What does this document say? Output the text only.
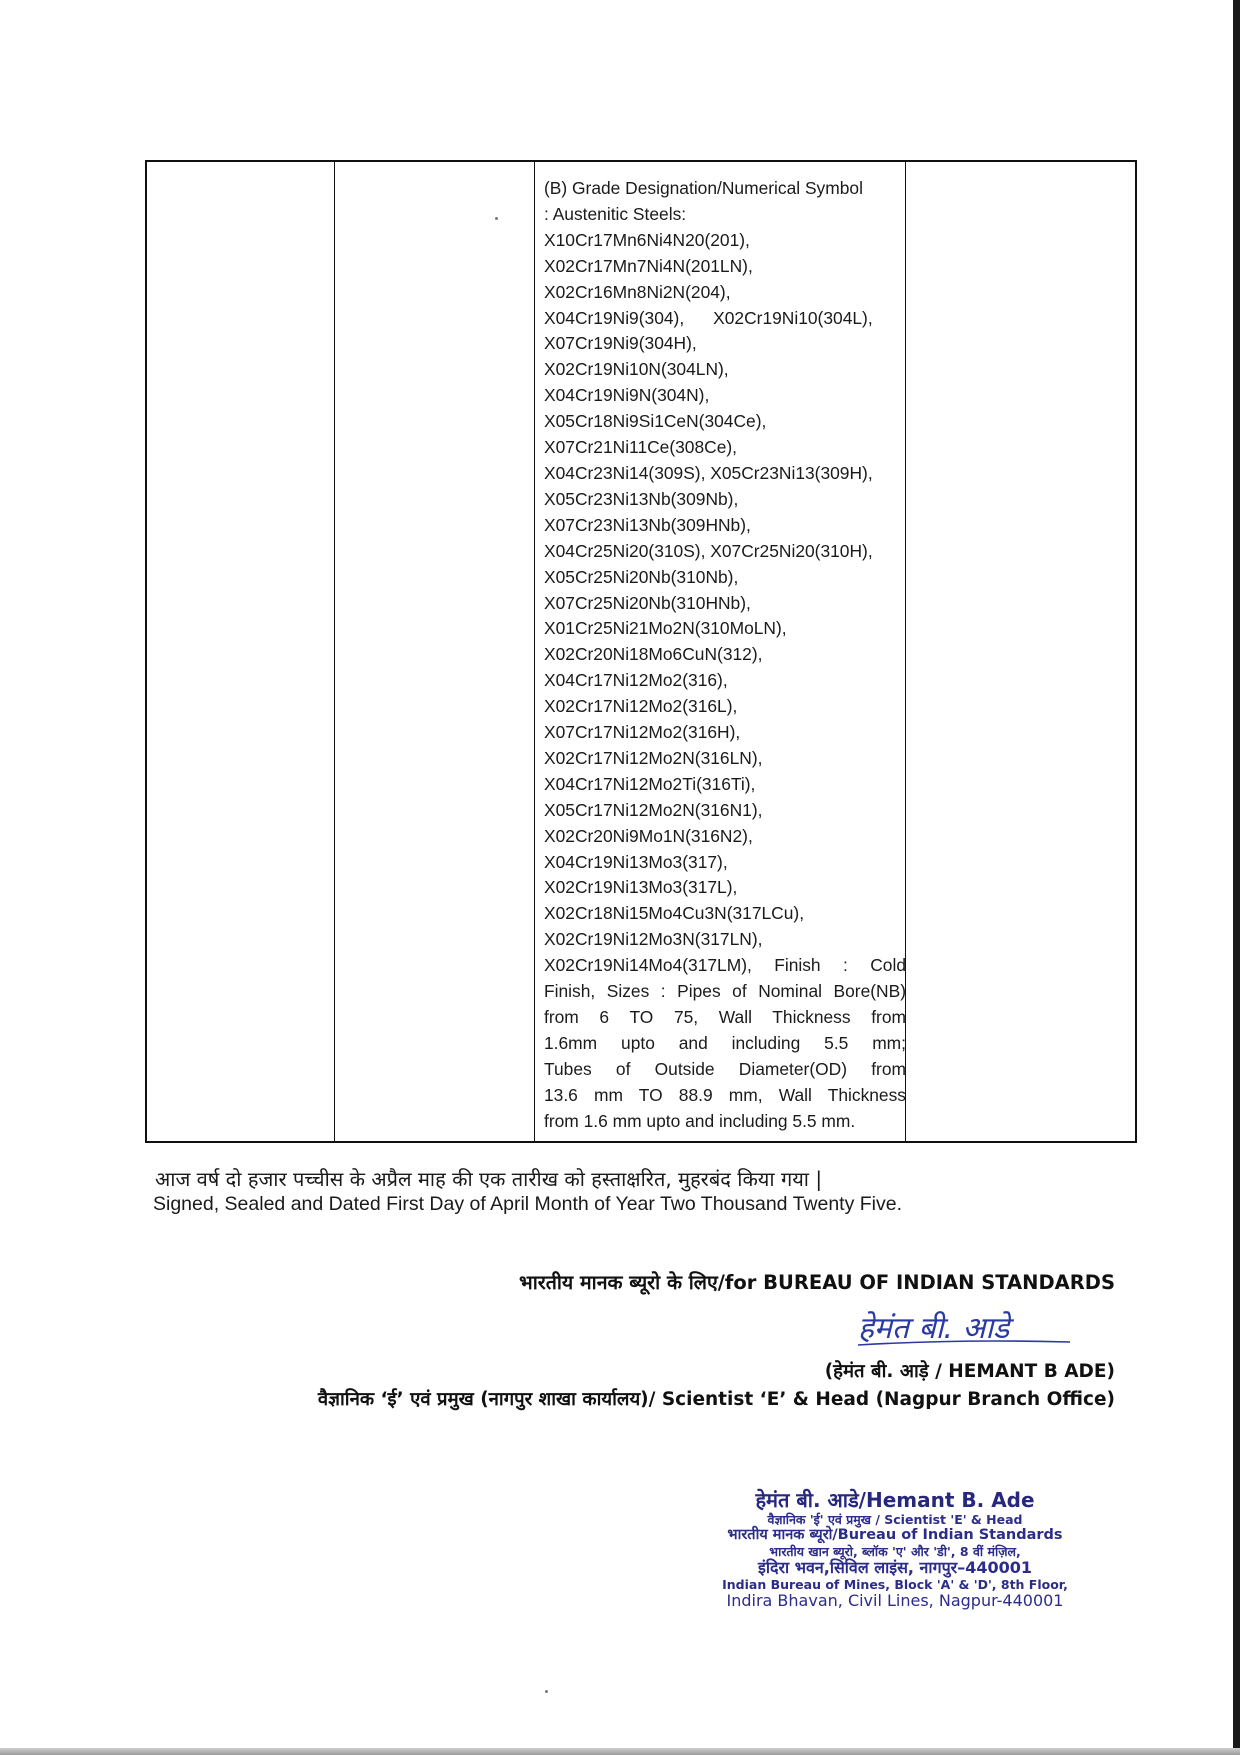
(B) Grade Designation/Numerical Symbol
: Austenitic Steels:
X10Cr17Mn6Ni4N20(201),
X02Cr17Mn7Ni4N(201LN),
X02Cr16Mn8Ni2N(204),
X04Cr19Ni9(304),      X02Cr19Ni10(304L),
X07Cr19Ni9(304H),
X02Cr19Ni10N(304LN),
X04Cr19Ni9N(304N),
X05Cr18Ni9Si1CeN(304Ce),
X07Cr21Ni11Ce(308Ce),
X04Cr23Ni14(309S), X05Cr23Ni13(309H),
X05Cr23Ni13Nb(309Nb),
X07Cr23Ni13Nb(309HNb),
X04Cr25Ni20(310S), X07Cr25Ni20(310H),
X05Cr25Ni20Nb(310Nb),
X07Cr25Ni20Nb(310HNb),
X01Cr25Ni21Mo2N(310MoLN),
X02Cr20Ni18Mo6CuN(312),
X04Cr17Ni12Mo2(316),
X02Cr17Ni12Mo2(316L),
X07Cr17Ni12Mo2(316H),
X02Cr17Ni12Mo2N(316LN),
X04Cr17Ni12Mo2Ti(316Ti),
X05Cr17Ni12Mo2N(316N1),
X02Cr20Ni9Mo1N(316N2),
X04Cr19Ni13Mo3(317),
X02Cr19Ni13Mo3(317L),
X02Cr18Ni15Mo4Cu3N(317LCu),
X02Cr19Ni12Mo3N(317LN),
X02Cr19Ni14Mo4(317LM), Finish : Cold
Finish, Sizes : Pipes of Nominal Bore(NB)
from 6 TO 75, Wall Thickness from
1.6mm upto and including 5.5 mm;
Tubes of Outside Diameter(OD) from
13.6 mm TO 88.9 mm, Wall Thickness
from 1.6 mm upto and including 5.5 mm.
आज वर्ष दो हजार पच्चीस के अप्रैल माह की एक तारीख को हस्ताक्षरित, मुहरबंद किया गया |
Signed, Sealed and Dated First Day of April Month of Year Two Thousand Twenty Five.
भारतीय मानक ब्यूरो के लिए/for BUREAU OF INDIAN STANDARDS
हेमंत बी. आडे
(हेमंत बी. आड़े / HEMANT B ADE)
वैज्ञानिक ‘ई’ एवं प्रमुख (नागपुर शाखा कार्यालय)/ Scientist ‘E’ & Head (Nagpur Branch Office)
हेमंत बी. आडे/Hemant B. Ade
वैज्ञानिक 'ई' एवं प्रमुख / Scientist 'E' & Head
भारतीय मानक ब्यूरो/Bureau of Indian Standards
भारतीय खान ब्यूरो, ब्लॉक 'ए' और 'डी', 8 वीं मंज़िल,
इंदिरा भवन,सिविल लाइंस, नागपुर–440001
Indian Bureau of Mines, Block 'A' & 'D', 8th Floor,
Indira Bhavan, Civil Lines, Nagpur-440001
